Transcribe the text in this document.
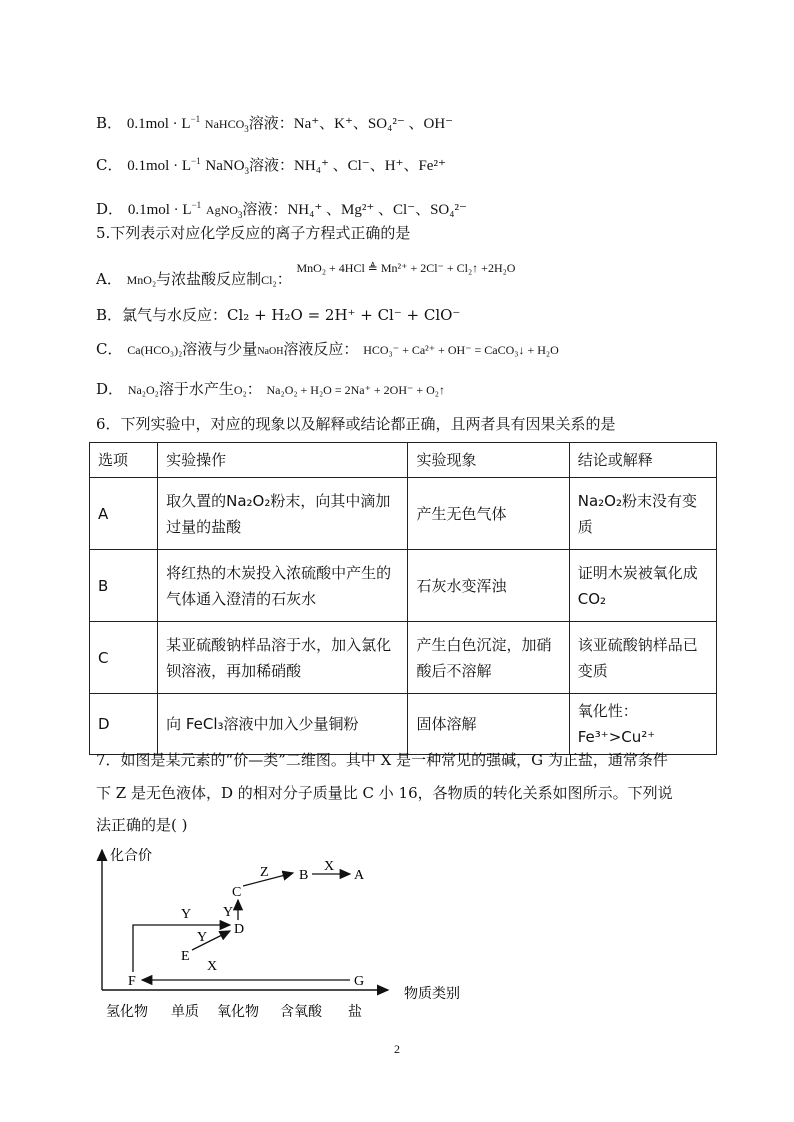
B． $0.1mol \cdot L^{-1}$ NaHCO$_3$溶液：Na⁺、K⁺、SO₄²⁻ 、OH⁻
C． $0.1mol \cdot L^{-1}$ NaNO$_3$溶液：NH₄⁺ 、Cl⁻、H⁺、Fe²⁺
D． $0.1mol \cdot L^{-1}$ AgNO$_3$溶液：NH₄⁺ 、Mg²⁺ 、Cl⁻、SO₄²⁻
5.下列表示对应化学反应的离子方程式正确的是
A． MnO₂与浓盐酸反应制Cl₂： $^{MnO_2 + 4HCl ≜ Mn^{2+} + 2Cl^- + Cl_2↑ +2H_2O}$
B．氯气与水反应：Cl₂ + H₂O = 2H⁺ + Cl⁻ + ClO⁻
C． Ca(HCO₃)₂溶液与少量NaOH溶液反应： HCO₃⁻ + Ca²⁺ + OH⁻ = CaCO₃↓ + H₂O
D． Na₂O₂溶于水产生O₂： Na₂O₂ + H₂O = 2Na⁺ + 2OH⁻ + O₂↑
6．下列实验中，对应的现象以及解释或结论都正确，且两者具有因果关系的是
选项	实验操作	实验现象	结论或解释
A	取久置的Na₂O₂粉末，向其中滴加过量的盐酸	产生无色气体	Na₂O₂粉末没有变质
B	将红热的木炭投入浓硫酸中产生的气体通入澄清的石灰水	石灰水变浑浊	证明木炭被氧化成CO₂
C	某亚硫酸钠样品溶于水，加入氯化钡溶液，再加稀硝酸	产生白色沉淀，加硝酸后不溶解	该亚硫酸钠样品已变质
D	向 FeCl₃溶液中加入少量铜粉	固体溶解	氧化性：Fe³⁺>Cu²⁺
7．如图是某元素的“价—类”二维图。其中 X 是一种常见的强碱，G 为正盐，通常条件
下 Z 是无色液体，D 的相对分子质量比 C 小 16，各物质的转化关系如图所示。下列说
法正确的是( )
化合价
物质类别
氢化物 单质 氧化物 含氧酸 盐
B	A
C
D
E
F	G
Z	X
Y
Y
Y
X
2
